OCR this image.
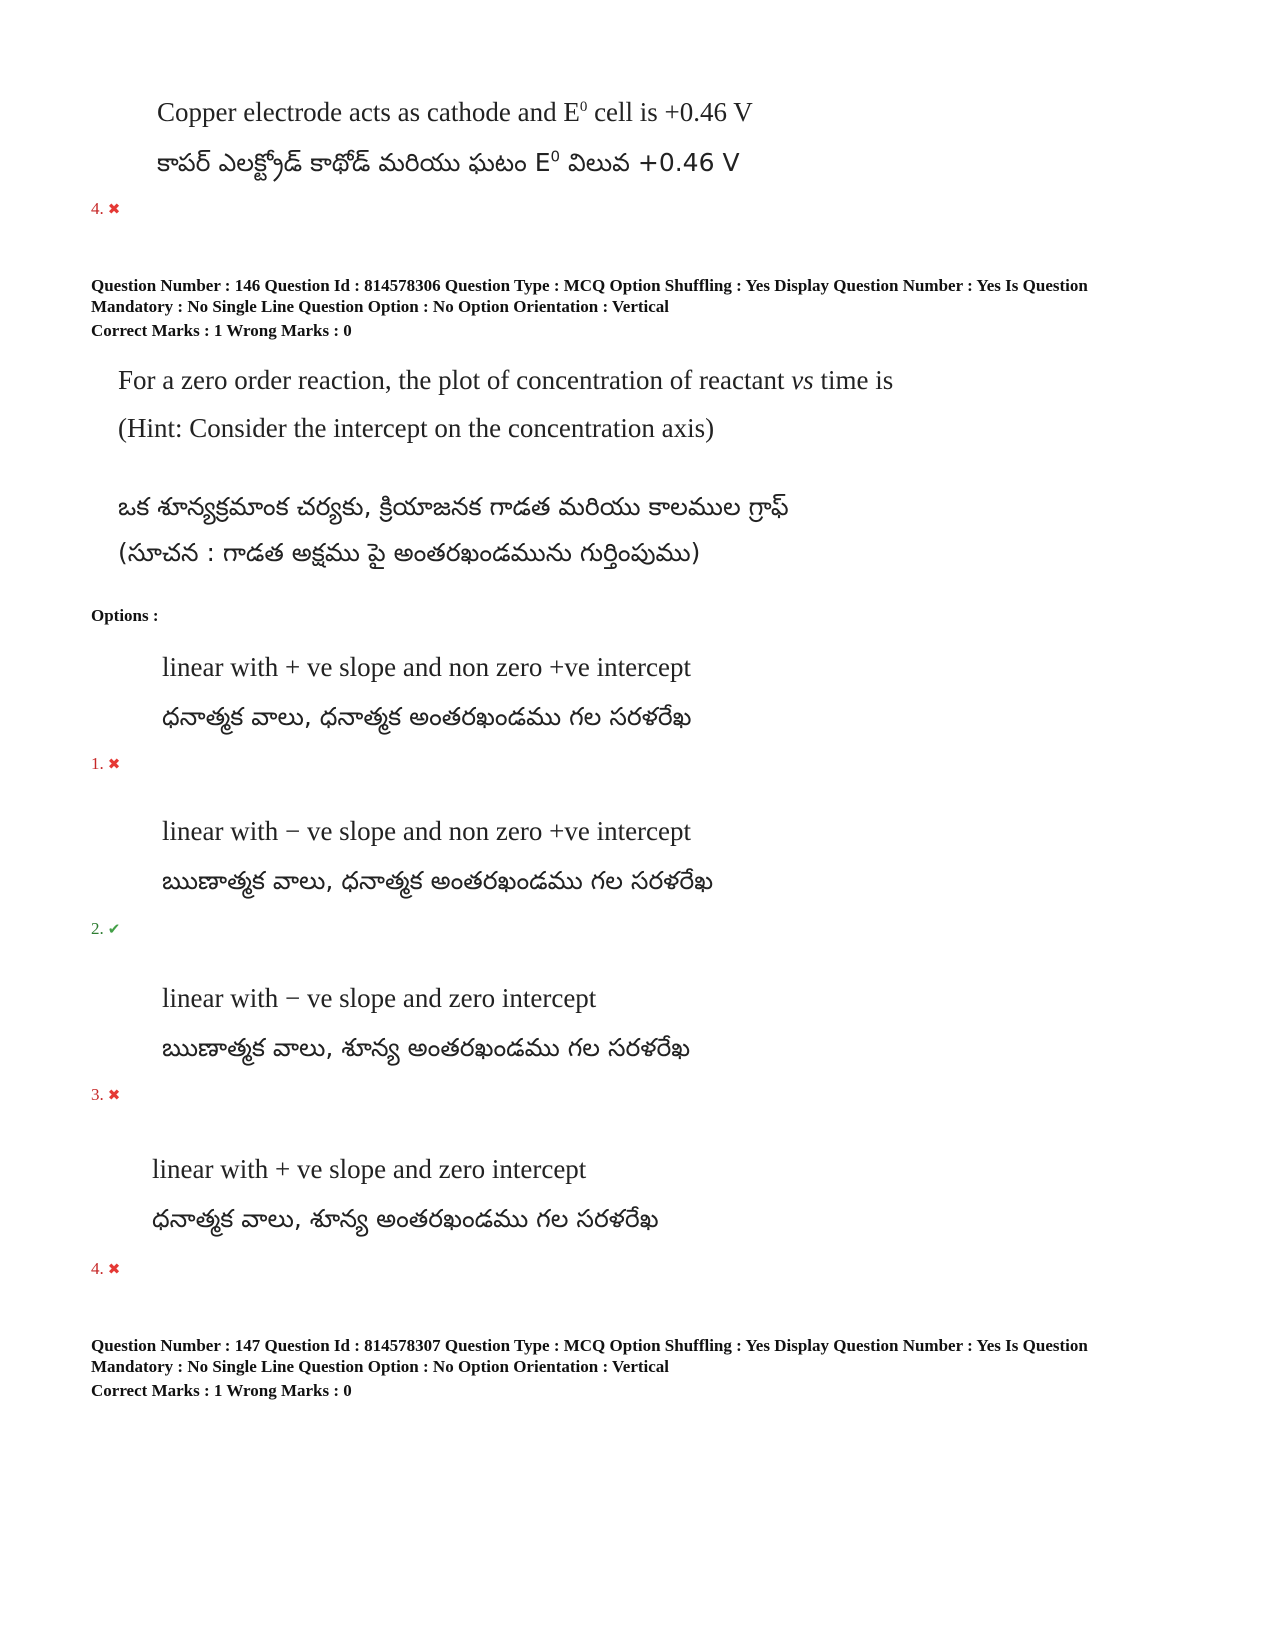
Copper electrode acts as cathode and $E^0$ cell is +0.46 V
కాపర్ ఎలక్ట్రోడ్ కాథోడ్ మరియు ఘటం $E^0$ విలువ +0.46 V
4. ✖
Question Number : 146 Question Id : 814578306 Question Type : MCQ Option Shuffling : Yes Display Question Number : Yes Is Question
Mandatory : No Single Line Question Option : No Option Orientation : Vertical
Correct Marks : 1 Wrong Marks : 0
For a zero order reaction, the plot of concentration of reactant vs time is
(Hint: Consider the intercept on the concentration axis)
ఒక శూన్యక్రమాంక చర్యకు, క్రియాజనక గాడత మరియు కాలముల గ్రాఫ్
(సూచన : గాడత అక్షము పై అంతరఖండమును గుర్తింపుము)
Options :
linear with + ve slope and non zero +ve intercept
ధనాత్మక వాలు, ధనాత్మక అంతరఖండము గల సరళరేఖ
1. ✖
linear with − ve slope and non zero +ve intercept
ఋణాత్మక వాలు, ధనాత్మక అంతరఖండము గల సరళరేఖ
2. ✔
linear with − ve slope and zero intercept
ఋణాత్మక వాలు, శూన్య అంతరఖండము గల సరళరేఖ
3. ✖
linear with + ve slope and zero intercept
ధనాత్మక వాలు, శూన్య అంతరఖండము గల సరళరేఖ
4. ✖
Question Number : 147 Question Id : 814578307 Question Type : MCQ Option Shuffling : Yes Display Question Number : Yes Is Question
Mandatory : No Single Line Question Option : No Option Orientation : Vertical
Correct Marks : 1 Wrong Marks : 0
